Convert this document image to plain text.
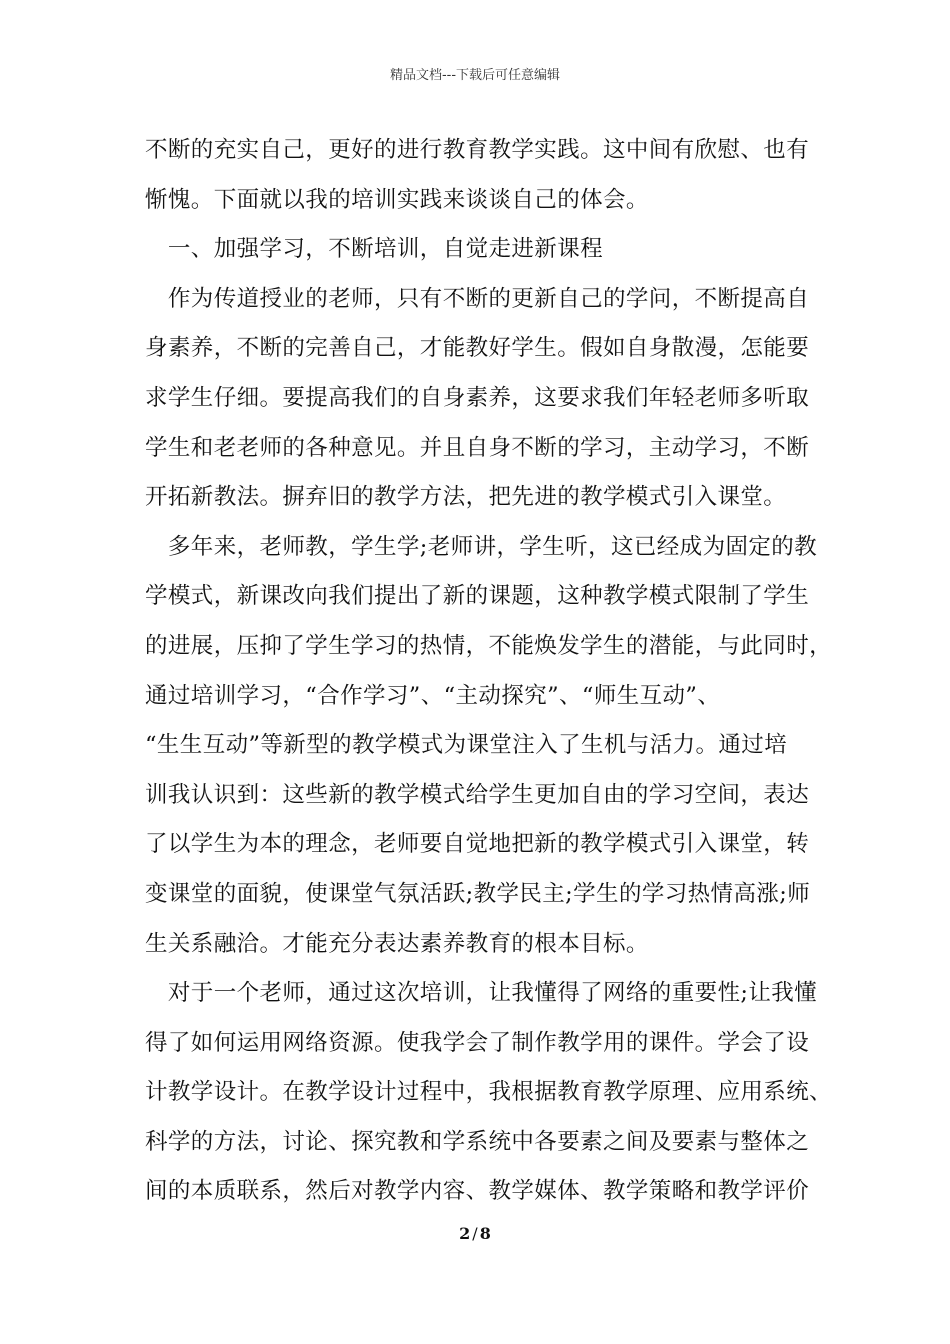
精品文档---下载后可任意编辑
不断的充实自己，更好的进行教育教学实践。这中间有欣慰、也有
惭愧。下面就以我的培训实践来谈谈自己的体会。
　一、加强学习，不断培训，自觉走进新课程
　作为传道授业的老师，只有不断的更新自己的学问，不断提高自
身素养，不断的完善自己，才能教好学生。假如自身散漫，怎能要
求学生仔细。要提高我们的自身素养，这要求我们年轻老师多听取
学生和老老师的各种意见。并且自身不断的学习，主动学习，不断
开拓新教法。摒弃旧的教学方法，把先进的教学模式引入课堂。
　多年来，老师教，学生学;老师讲，学生听，这已经成为固定的教
学模式，新课改向我们提出了新的课题，这种教学模式限制了学生
的进展，压抑了学生学习的热情，不能焕发学生的潜能，与此同时，
通过培训学习，“合作学习”、“主动探究”、“师生互动”、
“生生互动”等新型的教学模式为课堂注入了生机与活力。通过培
训我认识到：这些新的教学模式给学生更加自由的学习空间，表达
了以学生为本的理念，老师要自觉地把新的教学模式引入课堂，转
变课堂的面貌，使课堂气氛活跃;教学民主;学生的学习热情高涨;师
生关系融洽。才能充分表达素养教育的根本目标。
　对于一个老师，通过这次培训，让我懂得了网络的重要性;让我懂
得了如何运用网络资源。使我学会了制作教学用的课件。学会了设
计教学设计。在教学设计过程中，我根据教育教学原理、应用系统、
科学的方法，讨论、探究教和学系统中各要素之间及要素与整体之
间的本质联系，然后对教学内容、教学媒体、教学策略和教学评价
2 / 8
